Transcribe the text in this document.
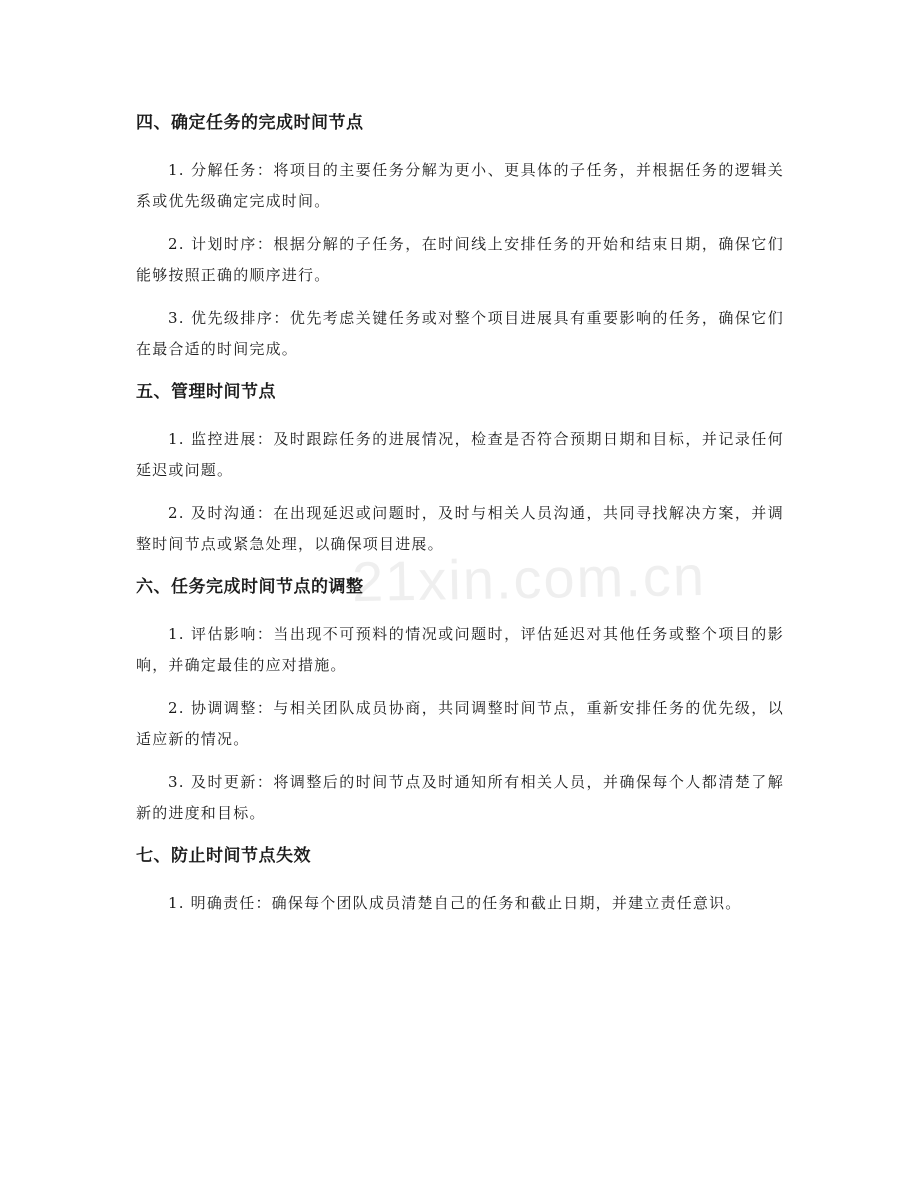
21xin.com.cn
四、确定任务的完成时间节点

1. 分解任务：将项目的主要任务分解为更小、更具体的子任务，并根据任务的逻辑关系或优先级确定完成时间。

2. 计划时序：根据分解的子任务，在时间线上安排任务的开始和结束日期，确保它们能够按照正确的顺序进行。

3. 优先级排序：优先考虑关键任务或对整个项目进展具有重要影响的任务，确保它们在最合适的时间完成。

五、管理时间节点

1. 监控进展：及时跟踪任务的进展情况，检查是否符合预期日期和目标，并记录任何延迟或问题。

2. 及时沟通：在出现延迟或问题时，及时与相关人员沟通，共同寻找解决方案，并调整时间节点或紧急处理，以确保项目进展。

六、任务完成时间节点的调整

1. 评估影响：当出现不可预料的情况或问题时，评估延迟对其他任务或整个项目的影响，并确定最佳的应对措施。

2. 协调调整：与相关团队成员协商，共同调整时间节点，重新安排任务的优先级，以适应新的情况。

3. 及时更新：将调整后的时间节点及时通知所有相关人员，并确保每个人都清楚了解新的进度和目标。

七、防止时间节点失效

1. 明确责任：确保每个团队成员清楚自己的任务和截止日期，并建立责任意识。
